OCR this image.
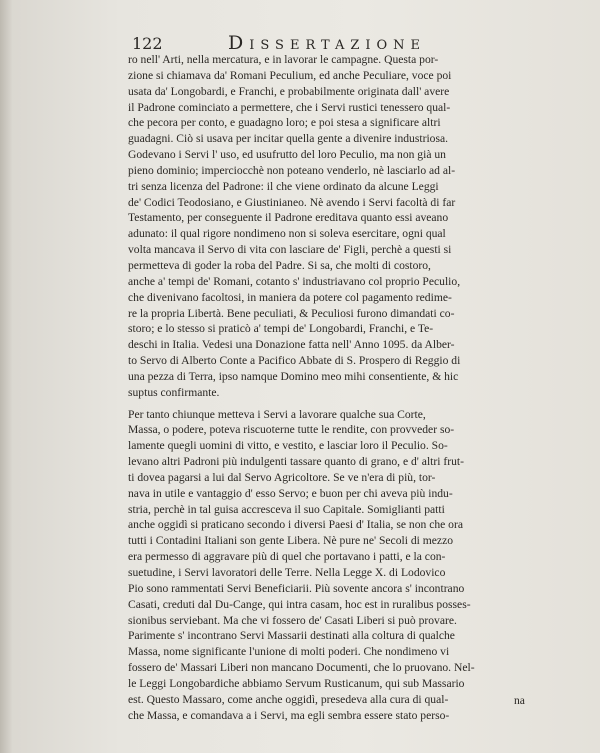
122	Dissertazione
ro nell' Arti, nella mercatura, e in lavorar le campagne. Questa por-
zione si chiamava da' Romani Peculium, ed anche Peculiare, voce poi
usata da' Longobardi, e Franchi, e probabilmente originata dall' avere
il Padrone cominciato a permettere, che i Servi rustici tenessero qual-
che pecora per conto, e guadagno loro; e poi stesa a significare altri
guadagni. Ciò si usava per incitar quella gente a divenire industriosa.
Godevano i Servi l' uso, ed usufrutto del loro Peculio, ma non già un
pieno dominio; imperciocchè non poteano venderlo, nè lasciarlo ad al-
tri senza licenza del Padrone: il che viene ordinato da alcune Leggi
de' Codici Teodosiano, e Giustinianeo. Nè avendo i Servi facoltà di far
Testamento, per conseguente il Padrone ereditava quanto essi aveano
adunato: il qual rigore nondimeno non si soleva esercitare, ogni qual
volta mancava il Servo di vita con lasciare de' Figli, perchè a questi si
permetteva di goder la roba del Padre. Si sa, che molti di costoro,
anche a' tempi de' Romani, cotanto s' industriavano col proprio Peculio,
che divenivano facoltosi, in maniera da potere col pagamento redime-
re la propria Libertà. Bene peculiati, & Peculiosi furono dimandati co-
storo; e lo stesso si praticò a' tempi de' Longobardi, Franchi, e Te-
deschi in Italia. Vedesi una Donazione fatta nell' Anno 1095. da Alber-
to Servo di Alberto Conte a Pacifico Abbate di S. Prospero di Reggio di
una pezza di Terra, ipso namque Domino meo mihi consentiente, & hic
suptus confirmante.
Per tanto chiunque metteva i Servi a lavorare qualche sua Corte,
Massa, o podere, poteva riscuoterne tutte le rendite, con provveder so-
lamente quegli uomini di vitto, e vestito, e lasciar loro il Peculio. So-
levano altri Padroni più indulgenti tassare quanto di grano, e d' altri frut-
ti dovea pagarsi a lui dal Servo Agricoltore. Se ve n'era di più, tor-
nava in utile e vantaggio d' esso Servo; e buon per chi aveva più indu-
stria, perchè in tal guisa accresceva il suo Capitale. Somiglianti patti
anche oggidì si praticano secondo i diversi Paesi d' Italia, se non che ora
tutti i Contadini Italiani son gente Libera. Nè pure ne' Secoli di mezzo
era permesso di aggravare più di quel che portavano i patti, e la con-
suetudine, i Servi lavoratori delle Terre. Nella Legge X. di Lodovico
Pio sono rammentati Servi Beneficiarii. Più sovente ancora s' incontrano
Casati, creduti dal Du-Cange, qui intra casam, hoc est in ruralibus posses-
sionibus serviebant. Ma che vi fossero de' Casati Liberi si può provare.
Parimente s' incontrano Servi Massarii destinati alla coltura di qualche
Massa, nome significante l'unione di molti poderi. Che nondimeno vi
fossero de' Massari Liberi non mancano Documenti, che lo pruovano. Nel-
le Leggi Longobardiche abbiamo Servum Rusticanum, qui sub Massario
est. Questo Massaro, come anche oggidì, presedeva alla cura di qual-
che Massa, e comandava a i Servi, ma egli sembra essere stato perso-
na
